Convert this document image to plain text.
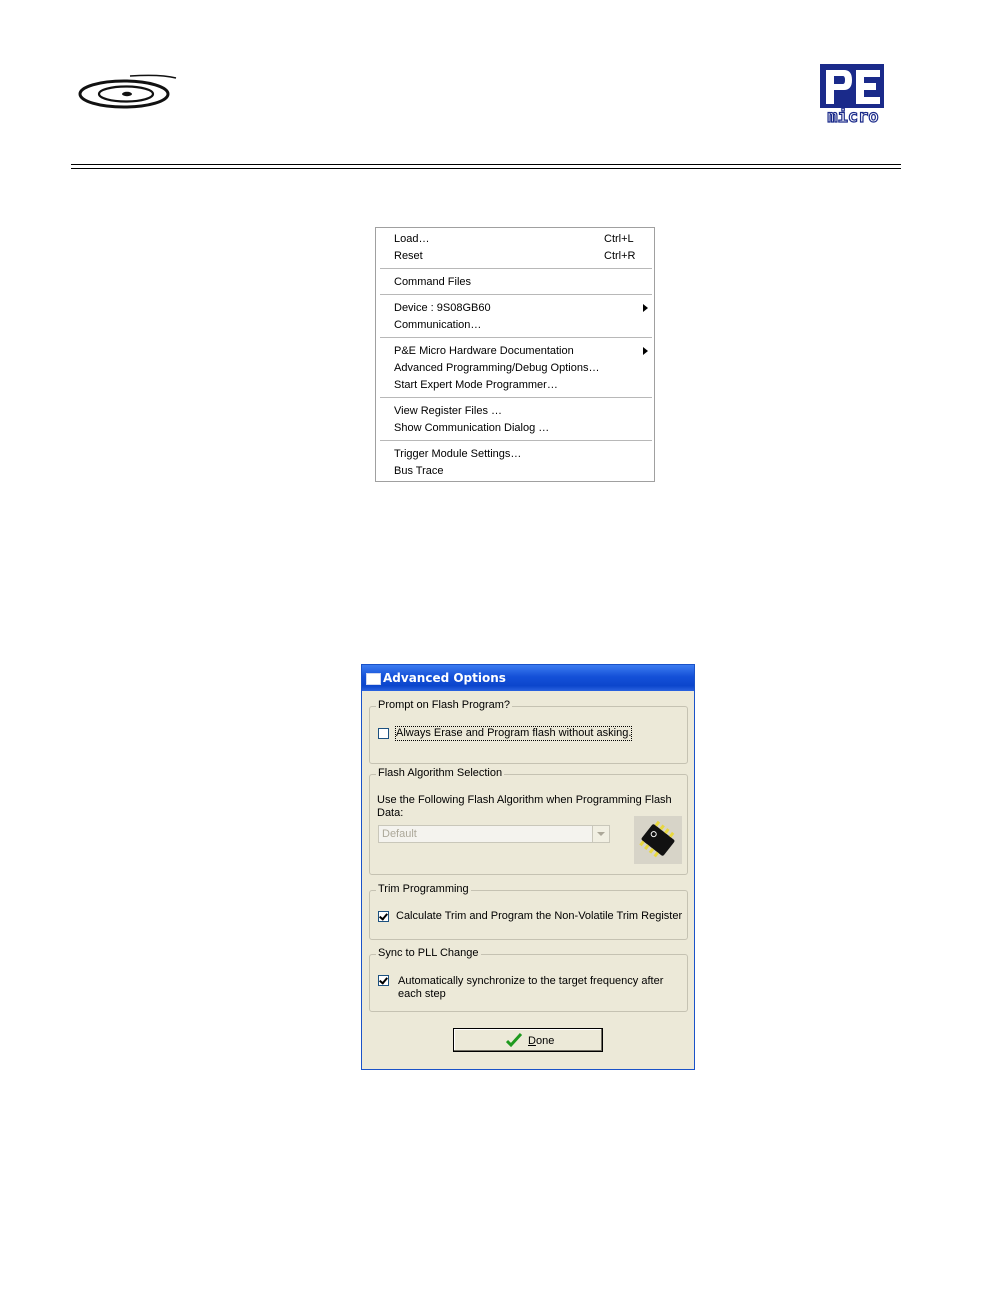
micro
Load…	Ctrl+L
Reset	Ctrl+R
Command Files
Device : 9S08GB60
Communication…
P&E Micro Hardware Documentation
Advanced Programming/Debug Options…
Start Expert Mode Programmer…
View Register Files …
Show Communication Dialog …
Trigger Module Settings…
Bus Trace
Advanced Options
Prompt on Flash Program?
Always Erase and Program flash without asking.
Flash Algorithm Selection
Use the Following Flash Algorithm when Programming Flash Data:
Default
Trim Programming
Calculate Trim and Program the Non-Volatile Trim Register
Sync to PLL Change
Automatically synchronize to the target frequency after
each step
Done
